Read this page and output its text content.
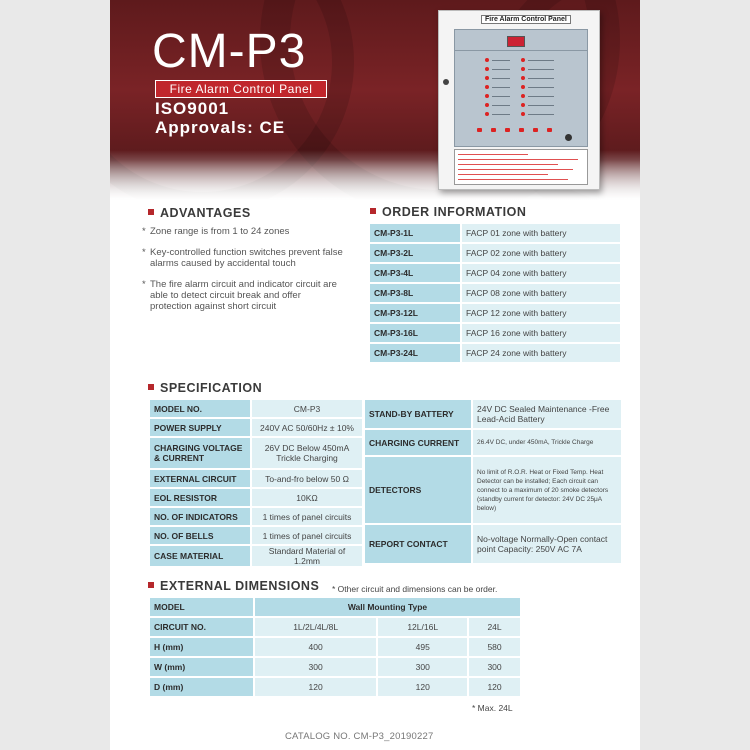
CM-P3
Fire Alarm Control Panel
ISO9001
Approvals: CE
Fire Alarm Control Panel
ADVANTAGES
* Zone range is from 1 to 24 zones
* Key-controlled function switches prevent false alarms caused by accidental touch
* The fire alarm circuit and indicator circuit are able to detect circuit break and offer protection against short circuit
ORDER INFORMATION
CM-P3-1L	FACP 01 zone with battery
CM-P3-2L	FACP 02 zone with battery
CM-P3-4L	FACP 04 zone with battery
CM-P3-8L	FACP 08 zone with battery
CM-P3-12L	FACP 12 zone with battery
CM-P3-16L	FACP 16 zone with battery
CM-P3-24L	FACP 24 zone with battery
SPECIFICATION
MODEL NO.	CM-P3
POWER SUPPLY	240V AC 50/60Hz ± 10%
CHARGING VOLTAGE & CURRENT	26V DC Below 450mA Trickle Charging
EXTERNAL CIRCUIT	To-and-fro below 50 Ω
EOL RESISTOR	10KΩ
NO. OF INDICATORS	1 times of panel circuits
NO. OF BELLS	1 times of panel circuits
CASE MATERIAL	Standard Material of 1.2mm
STAND-BY BATTERY	24V DC Sealed Maintenance -Free Lead-Acid Battery
CHARGING CURRENT	26.4V DC, under 450mA, Trickle Charge
DETECTORS	No limit of R.O.R. Heat or Fixed Temp. Heat Detector can be installed; Each circuit can connect to a maximum of 20 smoke detectors (standby current for detector: 24V DC 25μA below)
REPORT CONTACT	No-voltage Normally-Open contact point Capacity: 250V AC 7A
EXTERNAL DIMENSIONS * Other circuit and dimensions can be order.
MODEL	Wall Mounting Type		
CIRCUIT NO.	1L/2L/4L/8L	12L/16L	24L
H (mm)	400	495	580
W (mm)	300	300	300
D (mm)	120	120	120
* Max. 24L
CATALOG NO. CM-P3_20190227
